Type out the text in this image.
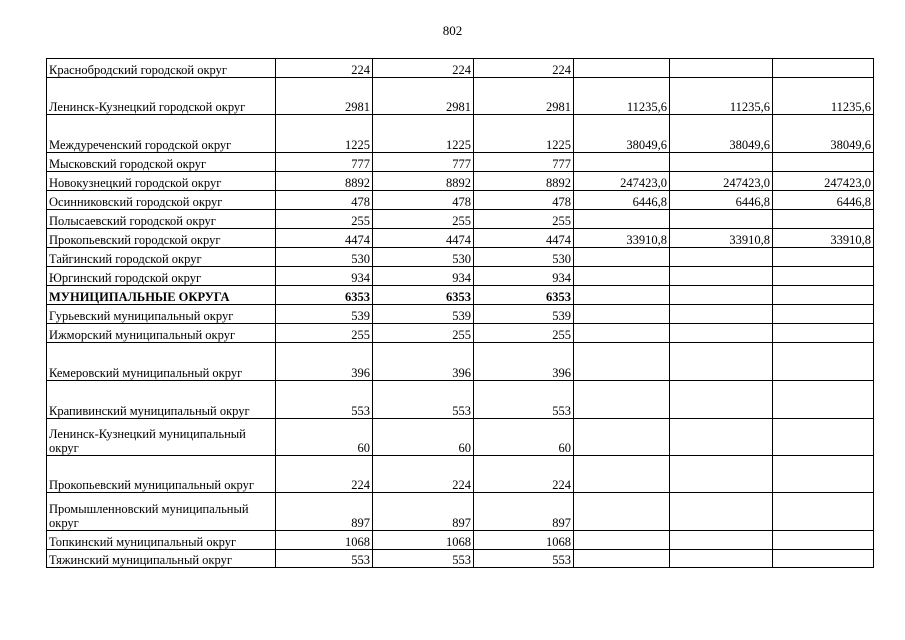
802
Краснобродский городской округ	224	224	224			
Ленинск-Кузнецкий городской округ	2981	2981	2981	11235,6	11235,6	11235,6
Междуреченский городской округ	1225	1225	1225	38049,6	38049,6	38049,6
Мысковский городской округ	777	777	777			
Новокузнецкий городской округ	8892	8892	8892	247423,0	247423,0	247423,0
Осинниковский городской округ	478	478	478	6446,8	6446,8	6446,8
Полысаевский городской округ	255	255	255			
Прокопьевский городской округ	4474	4474	4474	33910,8	33910,8	33910,8
Тайгинский городской округ	530	530	530			
Юргинский городской округ	934	934	934			
МУНИЦИПАЛЬНЫЕ ОКРУГА	6353	6353	6353			
Гурьевский муниципальный округ	539	539	539			
Ижморский муниципальный округ	255	255	255			
Кемеровский муниципальный округ	396	396	396			
Крапивинский муниципальный округ	553	553	553			
Ленинск-Кузнецкий муниципальный округ	60	60	60			
Прокопьевский муниципальный округ	224	224	224			
Промышленновский муниципальный округ	897	897	897			
Топкинский муниципальный округ	1068	1068	1068			
Тяжинский муниципальный округ	553	553	553			
